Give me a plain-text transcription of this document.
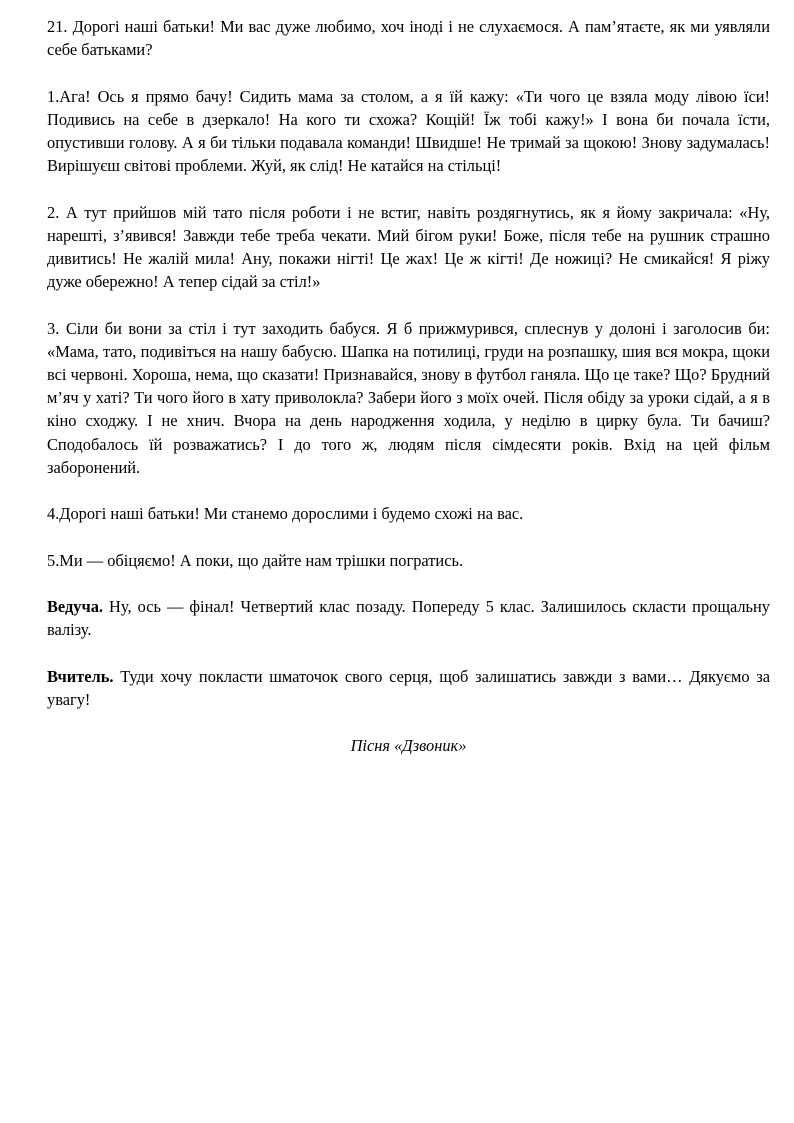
21. Дорогі наші батьки! Ми вас дуже любимо, хоч іноді і не слухаємося. А пам’ятаєте, як ми уявляли себе батьками?

1.Ага! Ось я прямо бачу! Сидить мама за столом, а я їй кажу: «Ти чого це взяла моду лівою їси! Подивись на себе в дзеркало! На кого ти схожа? Кощій! Їж тобі кажу!» І вона би почала їсти, опустивши голову. А я би тільки подавала команди! Швидше! Не тримай за щокою! Знову задумалась! Вирішуєш світові проблеми. Жуй, як слід! Не катайся на стільці!

2. А тут прийшов мій тато після роботи і не встиг, навіть роздягнутись, як я йому закричала: «Ну, нарешті, з’явився! Завжди тебе треба чекати. Мий бігом руки! Боже, після тебе на рушник страшно дивитись! Не жалій мила! Ану, покажи нігті! Це жах! Це ж кігті! Де ножиці? Не смикайся! Я ріжу дуже обережно! А тепер сідай за стіл!»

3. Сіли би вони за стіл і тут заходить бабуся. Я б прижмурився, сплеснув у долоні і заголосив би: «Мама, тато, подивіться на нашу бабусю. Шапка на потилиці, груди на розпашку, шия вся мокра, щоки всі червоні. Хороша, нема, що сказати! Признавайся, знову в футбол ганяла. Що це таке? Що? Брудний м’яч у хаті? Ти чого його в хату приволокла? Забери його з моїх очей. Після обіду за уроки сідай, а я в кіно сходжу. І не хнич. Вчора на день народження ходила, у неділю в цирку була. Ти бачиш? Сподобалось їй розважатись? І до того ж, людям після сімдесяти років. Вхід на цей фільм заборонений.

4.Дорогі наші батьки! Ми станемо дорослими і будемо схожі на вас.

5.Ми — обіцяємо! А поки, що дайте нам трішки погратись.

Ведуча. Ну, ось — фінал! Четвертий клас позаду. Попереду 5 клас. Залишилось скласти прощальну валізу.

Вчитель. Туди хочу покласти шматочок свого серця, щоб залишатись завжди з вами… Дякуємо за увагу!

Пісня «Дзвоник»
